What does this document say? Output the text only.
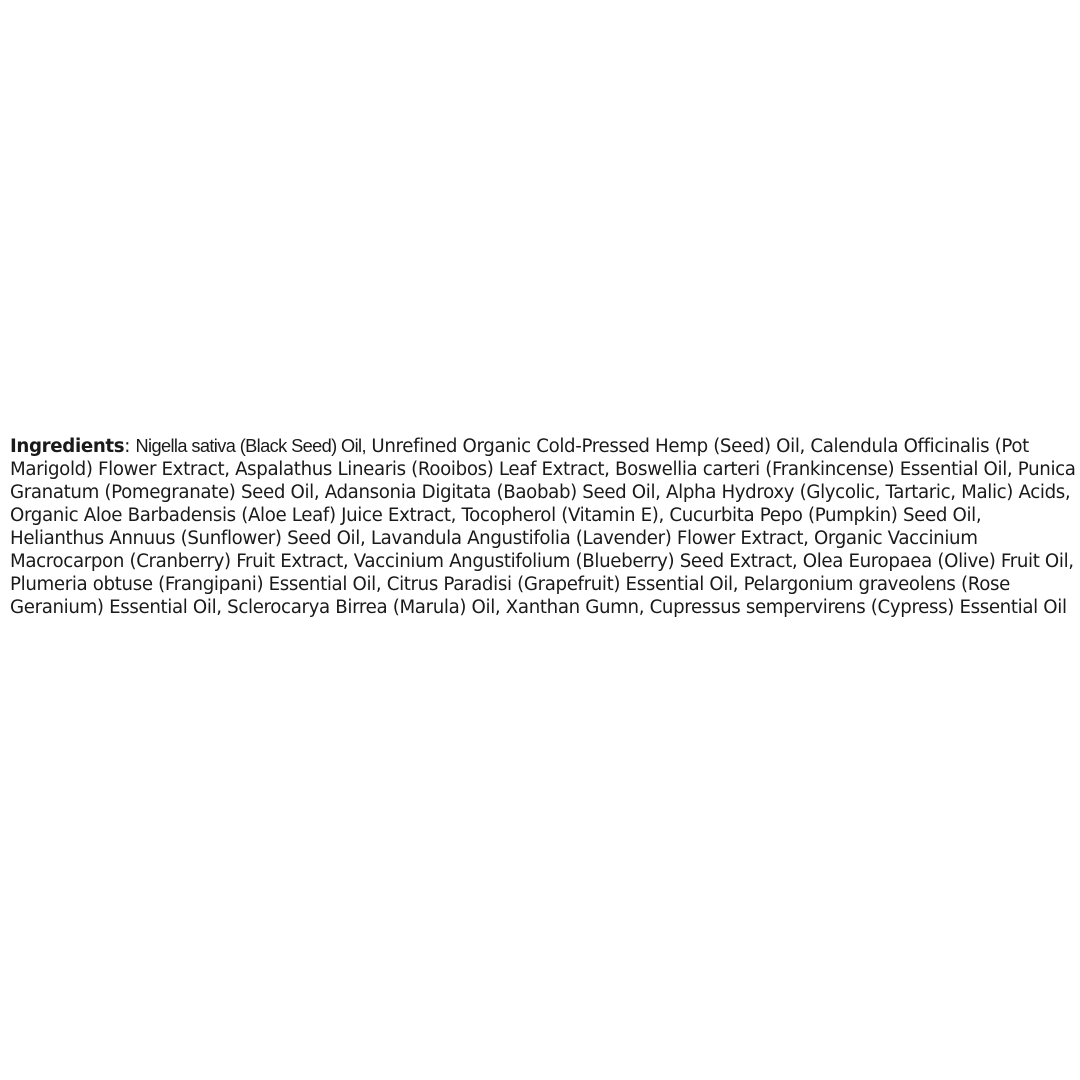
Ingredients: Nigella sativa (Black Seed) Oil, Unrefined Organic Cold-Pressed Hemp (Seed) Oil, Calendula Officinalis (Pot Marigold) Flower Extract, Aspalathus Linearis (Rooibos) Leaf Extract, Boswellia carteri (Frankincense) Essential Oil, Punica Granatum (Pomegranate) Seed Oil, Adansonia Digitata (Baobab) Seed Oil, Alpha Hydroxy (Glycolic, Tartaric, Malic) Acids, Organic Aloe Barbadensis (Aloe Leaf) Juice Extract, Tocopherol (Vitamin E), Cucurbita Pepo (Pumpkin) Seed Oil, Helianthus Annuus (Sunflower) Seed Oil, Lavandula Angustifolia (Lavender) Flower Extract, Organic Vaccinium Macrocarpon (Cranberry) Fruit Extract, Vaccinium Angustifolium (Blueberry) Seed Extract, Olea Europaea (Olive) Fruit Oil, Plumeria obtuse (Frangipani) Essential Oil, Citrus Paradisi (Grapefruit) Essential Oil, Pelargonium graveolens (Rose Geranium) Essential Oil, Sclerocarya Birrea (Marula) Oil, Xanthan Gumn, Cupressus sempervirens (Cypress) Essential Oil
